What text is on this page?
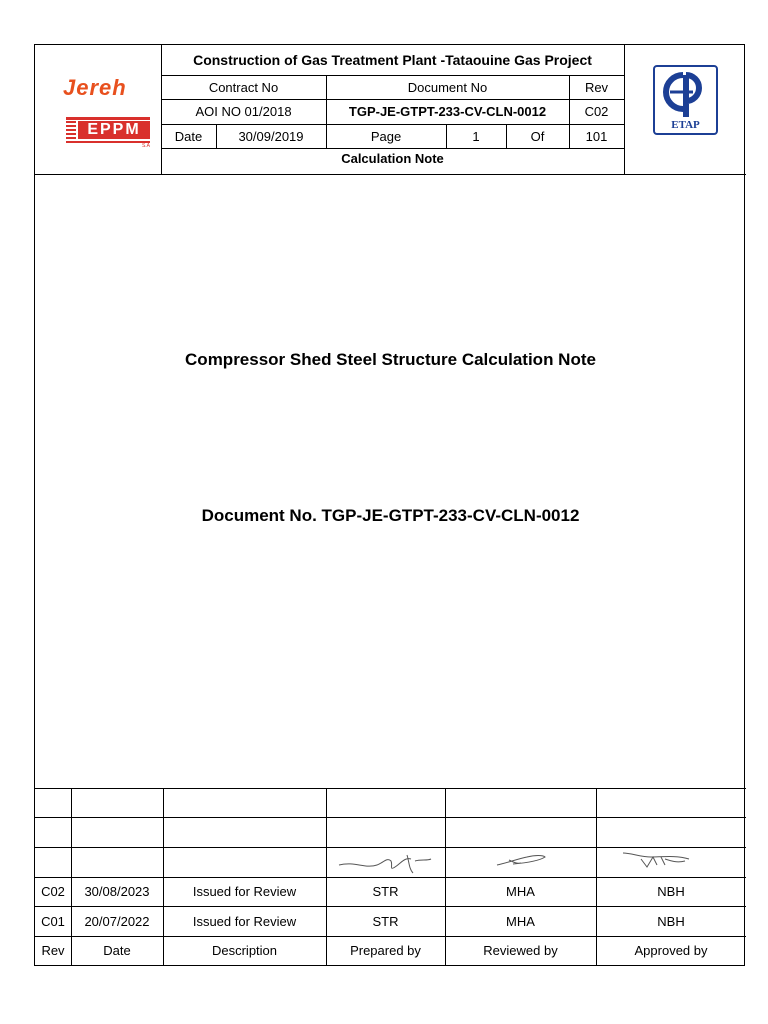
Construction of Gas Treatment Plant -Tataouine Gas Project
Contract No	Document No	Rev
AOI NO 01/2018	TGP-JE-GTPT-233-CV-CLN-0012	C02
Date	30/09/2019	Page	1	Of	101
Calculation Note
Jereh
EPPM
S.A
ETAP
Compressor Shed Steel Structure Calculation Note
Document No. TGP-JE-GTPT-233-CV-CLN-0012
C02	30/08/2023	Issued for Review	STR	MHA	NBH
C01	20/07/2022	Issued for Review	STR	MHA	NBH
Rev	Date	Description	Prepared by	Reviewed by	Approved by
